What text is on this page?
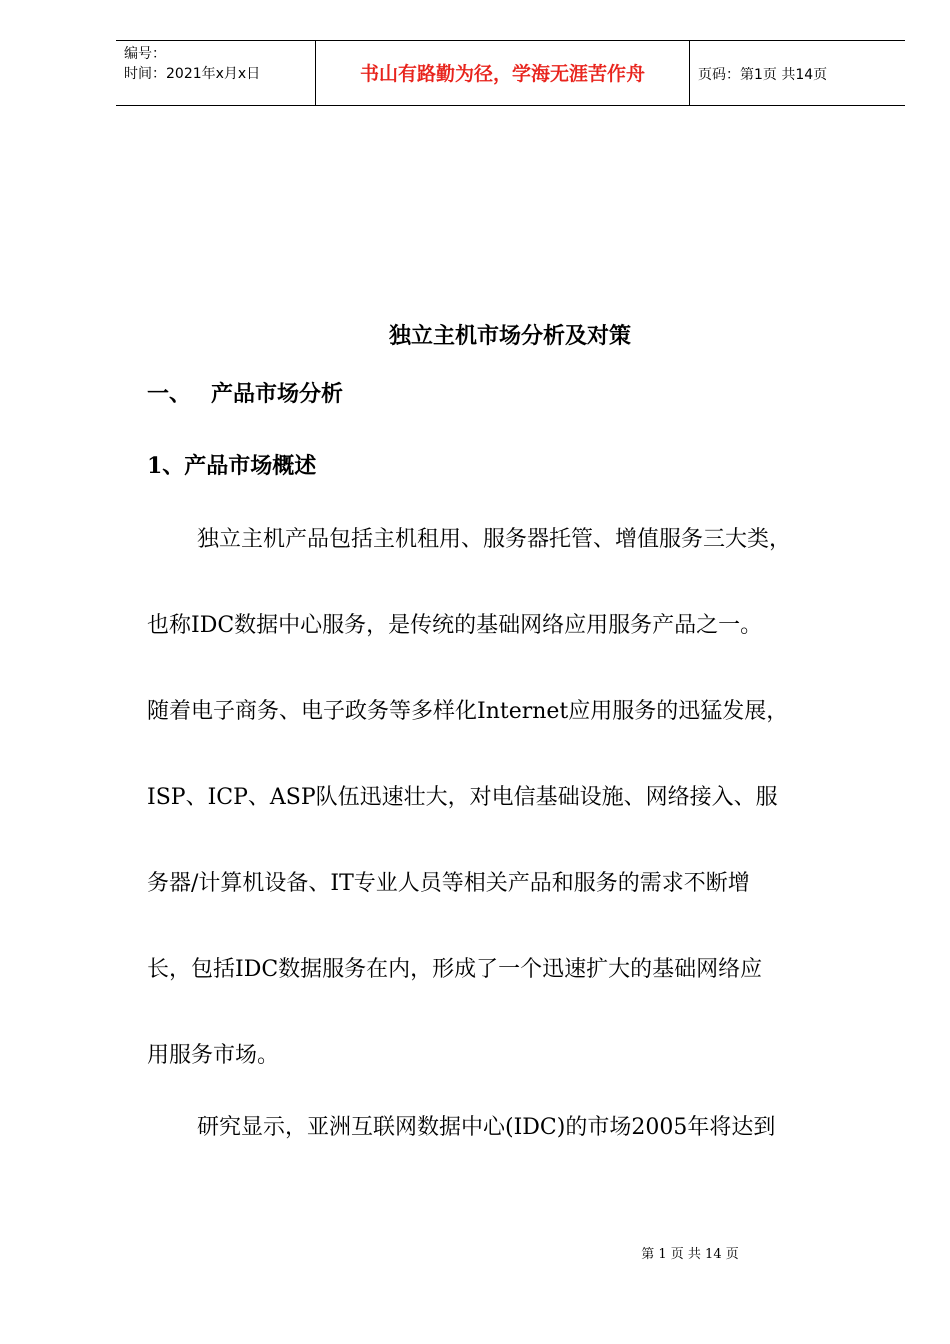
编号：
时间：2021年x月x日	书山有路勤为径，学海无涯苦作舟	页码：第1页 共14页
独立主机市场分析及对策
一、 产品市场分析
1、产品市场概述
独立主机产品包括主机租用、服务器托管、增值服务三大类，
也称IDC数据中心服务，是传统的基础网络应用服务产品之一。
随着电子商务、电子政务等多样化Internet应用服务的迅猛发展，
ISP、ICP、ASP队伍迅速壮大，对电信基础设施、网络接入、服
务器/计算机设备、IT专业人员等相关产品和服务的需求不断增
长，包括IDC数据服务在内，形成了一个迅速扩大的基础网络应
用服务市场。
研究显示，亚洲互联网数据中心(IDC)的市场2005年将达到
第 1 页 共 14 页
